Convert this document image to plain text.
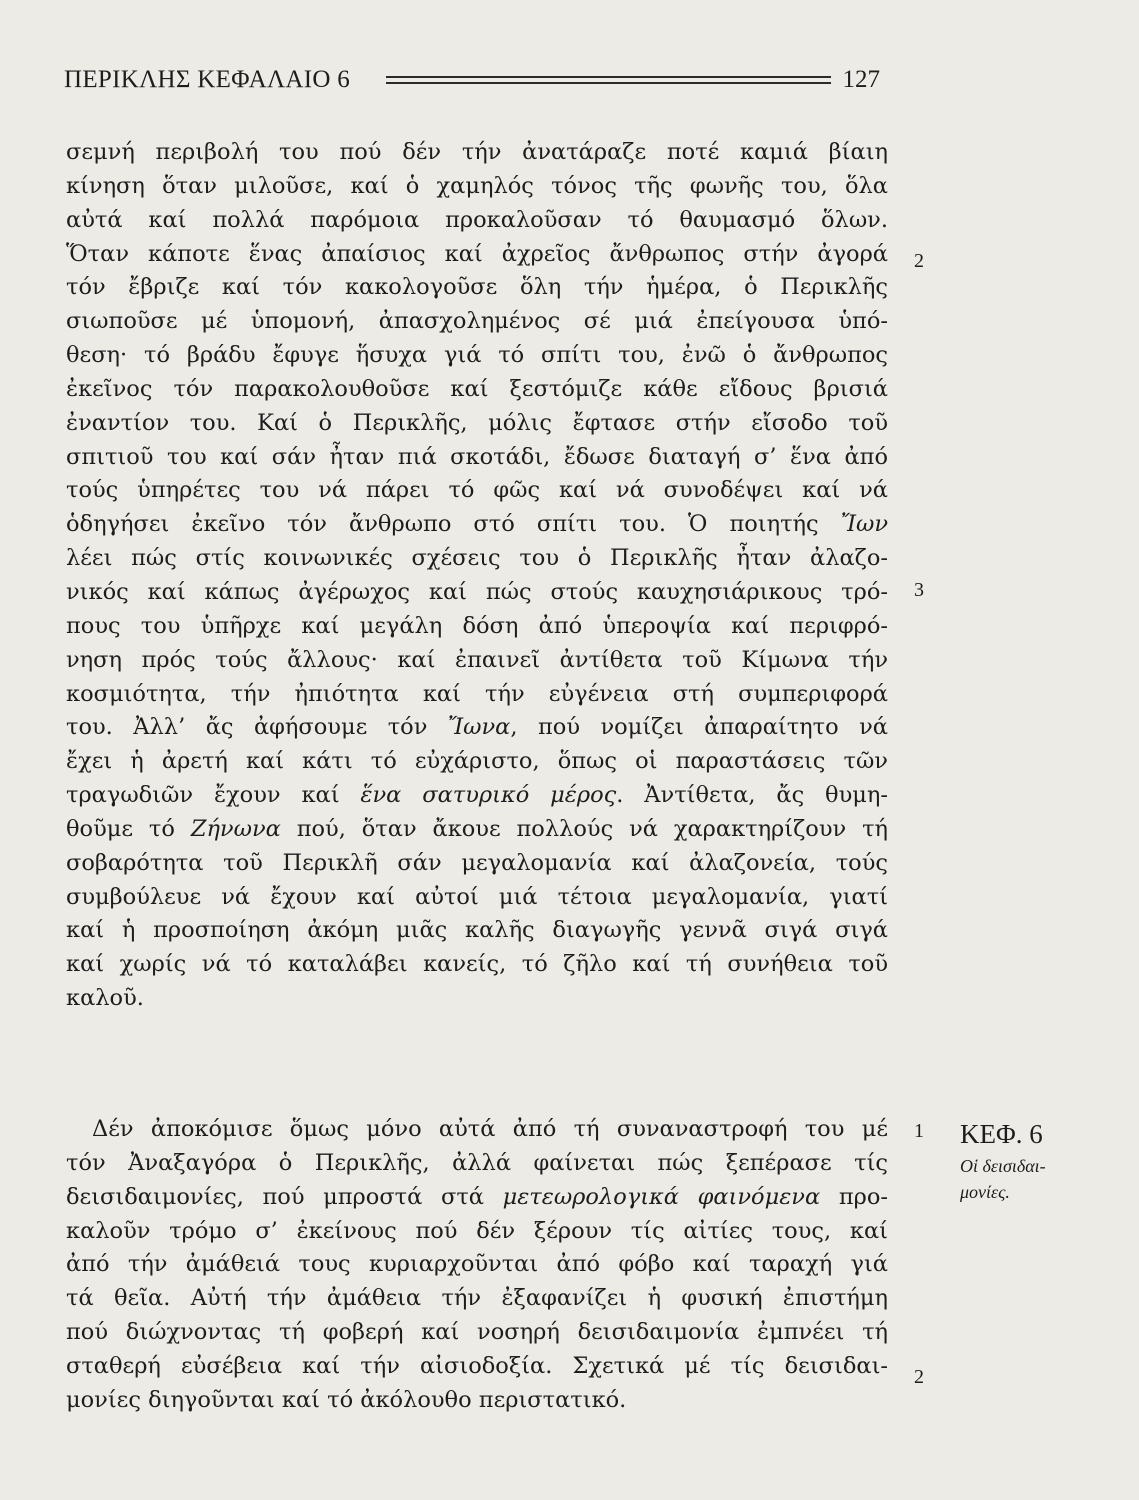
ΠΕΡΙΚΛΗΣ ΚΕΦΑΛΑΙΟ 6	127
σεμνή περιβολή του πού δέν τήν ἀνατάραζε ποτέ καμιά βίαιη
κίνηση ὅταν μιλοῦσε, καί ὁ χαμηλός τόνος τῆς φωνῆς του, ὅλα
αὐτά καί πολλά παρόμοια προκαλοῦσαν τό θαυμασμό ὅλων.
Ὅταν κάποτε ἕνας ἀπαίσιος καί ἀχρεῖος ἄνθρωπος στήν ἀγορά
τόν ἔβριζε καί τόν κακολογοῦσε ὅλη τήν ἡμέρα, ὁ Περικλῆς
σιωποῦσε μέ ὑπομονή, ἀπασχολημένος σέ μιά ἐπείγουσα ὑπό-
θεση· τό βράδυ ἔφυγε ἥσυχα γιά τό σπίτι του, ἐνῶ ὁ ἄνθρωπος
ἐκεῖνος τόν παρακολουθοῦσε καί ξεστόμιζε κάθε εἴδους βρισιά
ἐναντίον του. Καί ὁ Περικλῆς, μόλις ἔφτασε στήν εἴσοδο τοῦ
σπιτιοῦ του καί σάν ἦταν πιά σκοτάδι, ἔδωσε διαταγή σ’ ἕνα ἀπό
τούς ὑπηρέτες του νά πάρει τό φῶς καί νά συνοδέψει καί νά
ὁδηγήσει ἐκεῖνο τόν ἄνθρωπο στό σπίτι του. Ὁ ποιητής Ἴων
λέει πώς στίς κοινωνικές σχέσεις του ὁ Περικλῆς ἦταν ἀλαζο-
νικός καί κάπως ἀγέρωχος καί πώς στούς καυχησιάρικους τρό-
πους του ὑπῆρχε καί μεγάλη δόση ἀπό ὑπεροψία καί περιφρό-
νηση πρός τούς ἄλλους· καί ἐπαινεῖ ἀντίθετα τοῦ Κίμωνα τήν
κοσμιότητα, τήν ἠπιότητα καί τήν εὐγένεια στή συμπεριφορά
του. Ἀλλ’ ἄς ἀφήσουμε τόν Ἴωνα, πού νομίζει ἀπαραίτητο νά
ἔχει ἡ ἀρετή καί κάτι τό εὐχάριστο, ὅπως οἱ παραστάσεις τῶν
τραγωδιῶν ἔχουν καί ἕνα σατυρικό μέρος. Ἀντίθετα, ἄς θυμη-
θοῦμε τό Ζήνωνα πού, ὅταν ἄκουε πολλούς νά χαρακτηρίζουν τή
σοβαρότητα τοῦ Περικλῆ σάν μεγαλομανία καί ἀλαζονεία, τούς
συμβούλευε νά ἔχουν καί αὐτοί μιά τέτοια μεγαλομανία, γιατί
καί ἡ προσποίηση ἀκόμη μιᾶς καλῆς διαγωγῆς γεννᾶ σιγά σιγά
καί χωρίς νά τό καταλάβει κανείς, τό ζῆλο καί τή συνήθεια τοῦ
καλοῦ.
Δέν ἀποκόμισε ὅμως μόνο αὐτά ἀπό τή συναναστροφή του μέ
τόν Ἀναξαγόρα ὁ Περικλῆς, ἀλλά φαίνεται πώς ξεπέρασε τίς
δεισιδαιμονίες, πού μπροστά στά μετεωρολογικά φαινόμενα προ-
καλοῦν τρόμο σ’ ἐκείνους πού δέν ξέρουν τίς αἰτίες τους, καί
ἀπό τήν ἀμάθειά τους κυριαρχοῦνται ἀπό φόβο καί ταραχή γιά
τά θεῖα. Αὐτή τήν ἀμάθεια τήν ἐξαφανίζει ἡ φυσική ἐπιστήμη
πού διώχνοντας τή φοβερή καί νοσηρή δεισιδαιμονία ἐμπνέει τή
σταθερή εὐσέβεια καί τήν αἰσιοδοξία. Σχετικά μέ τίς δεισιδαι-
μονίες διηγοῦνται καί τό ἀκόλουθο περιστατικό.
2
3
1
2
ΚΕΦ. 6
Οἱ δεισιδαι-μονίες.
